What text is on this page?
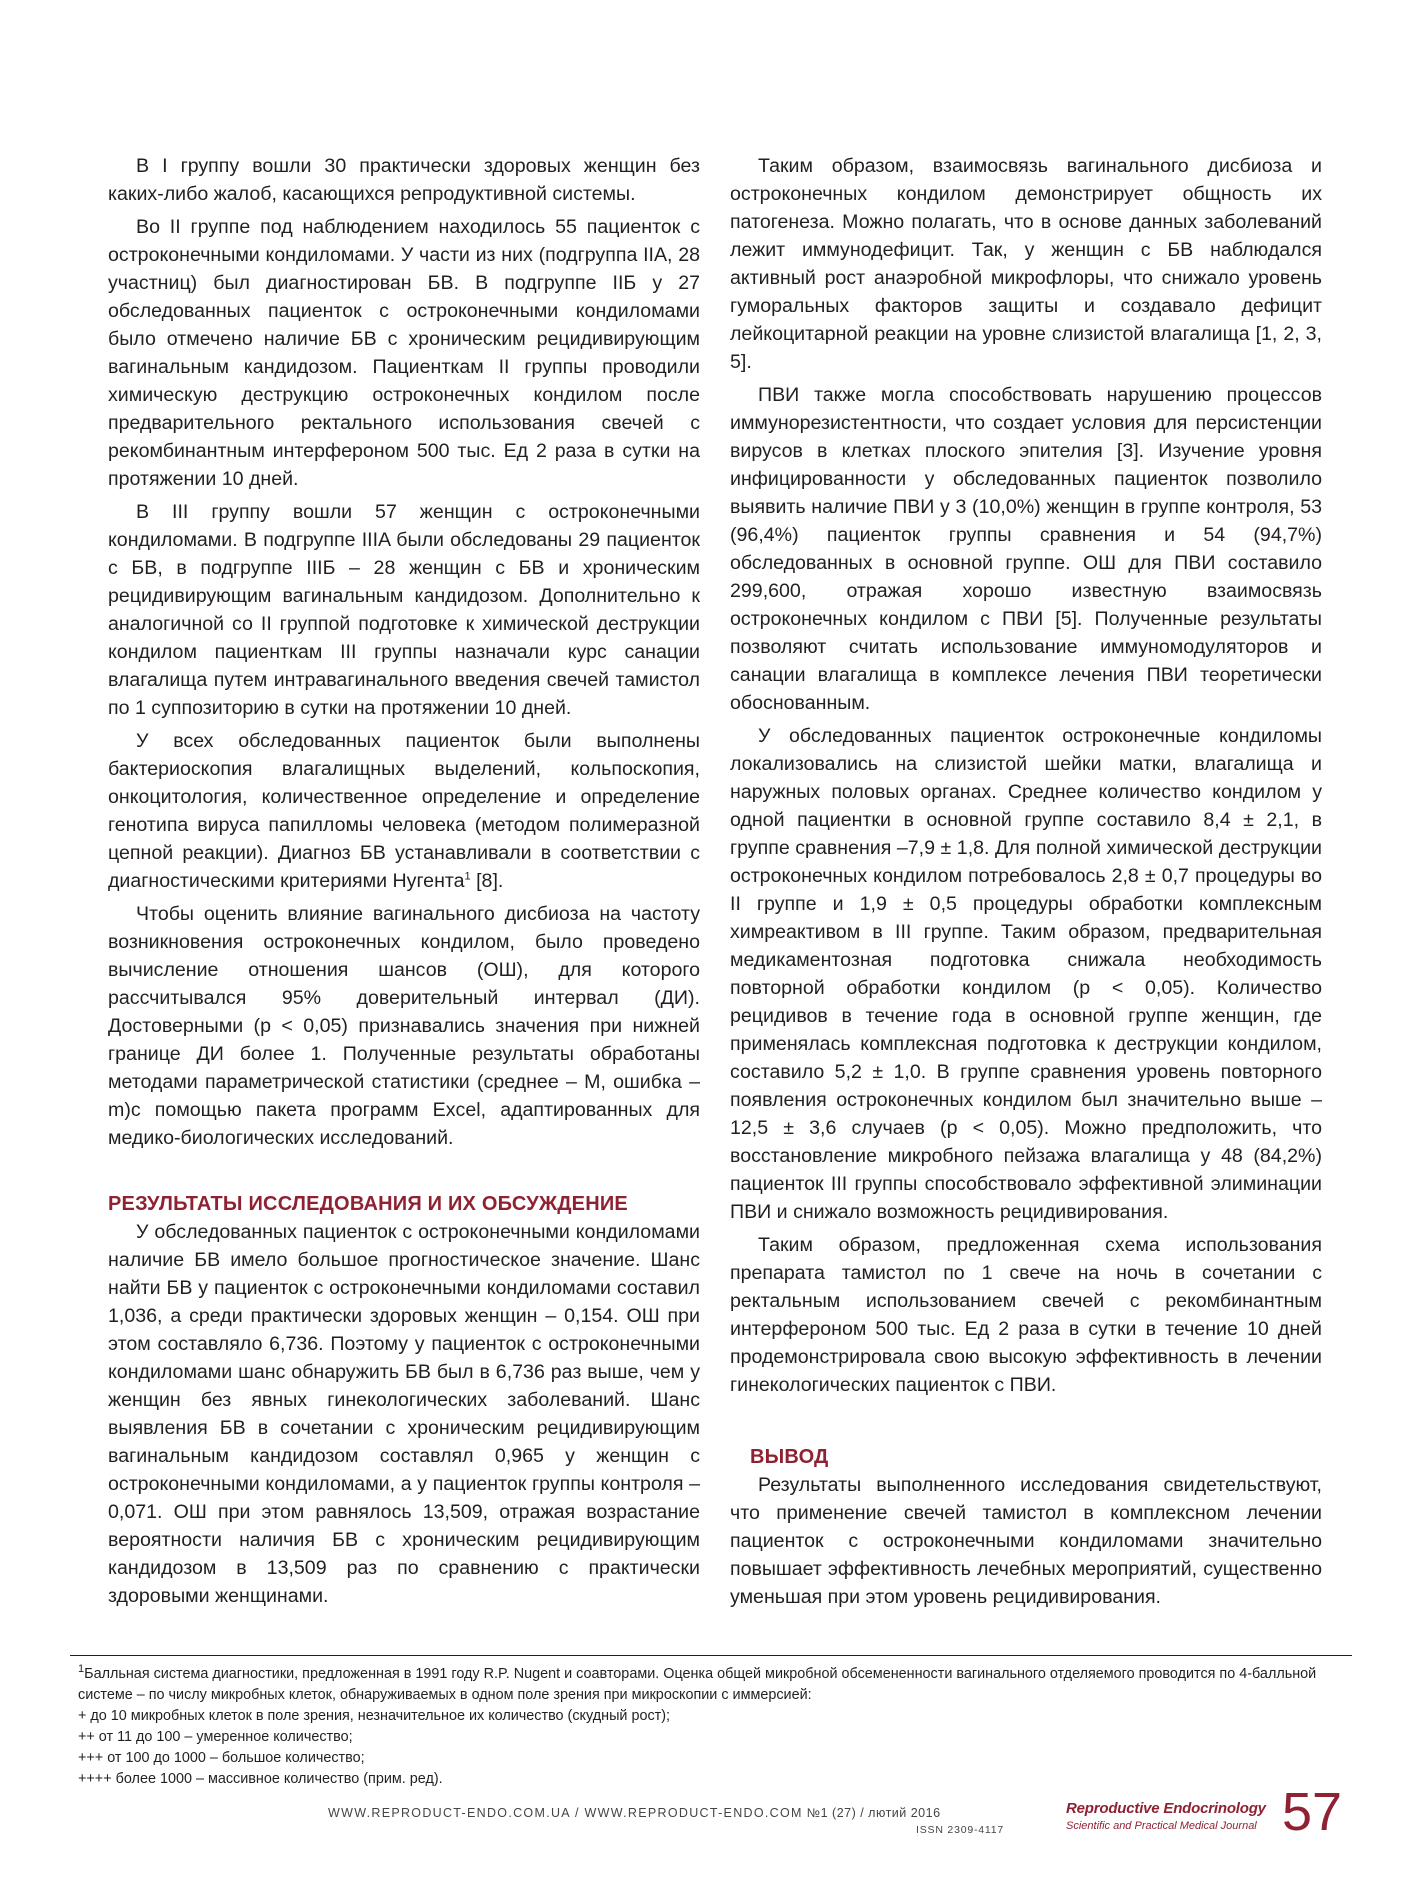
В I группу вошли 30 практически здоровых женщин без каких-либо жалоб, касающихся репродуктивной системы.

Во II группе под наблюдением находилось 55 пациенток с остроконечными кондиломами. У части из них (подгруппа IIA, 28 участниц) был диагностирован БВ. В подгруппе IIБ у 27 обследованных пациенток с остроконечными кондиломами было отмечено наличие БВ с хроническим рецидивирующим вагинальным кандидозом. Пациенткам II группы проводили химическую деструкцию остроконечных кондилом после предварительного ректального использования свечей с рекомбинантным интерфероном 500 тыс. Ед 2 раза в сутки на протяжении 10 дней.

В III группу вошли 57 женщин с остроконечными кондиломами. В подгруппе IIIA были обследованы 29 пациенток с БВ, в подгруппе IIIБ – 28 женщин с БВ и хроническим рецидивирующим вагинальным кандидозом. Дополнительно к аналогичной со II группой подготовке к химической деструкции кондилом пациенткам III группы назначали курс санации влагалища путем интравагинального введения свечей тамистол по 1 суппозиторию в сутки на протяжении 10 дней.

У всех обследованных пациенток были выполнены бактериоскопия влагалищных выделений, кольпоскопия, онкоцитология, количественное определение и определение генотипа вируса папилломы человека (методом полимеразной цепной реакции). Диагноз БВ устанавливали в соответствии с диагностическими критериями Нугента$^1$ [8].

Чтобы оценить влияние вагинального дисбиоза на частоту возникновения остроконечных кондилом, было проведено вычисление отношения шансов (ОШ), для которого рассчитывался 95% доверительный интервал (ДИ). Достоверными (p < 0,05) признавались значения при нижней границе ДИ более 1. Полученные результаты обработаны методами параметрической статистики (среднее – М, ошибка – m)с помощью пакета программ Excel, адаптированных для медико-биологических исследований.

РЕЗУЛЬТАТЫ ИССЛЕДОВАНИЯ И ИХ ОБСУЖДЕНИЕ

У обследованных пациенток с остроконечными кондиломами наличие БВ имело большое прогностическое значение. Шанс найти БВ у пациенток с остроконечными кондиломами составил 1,036, а среди практически здоровых женщин – 0,154. ОШ при этом составляло 6,736. Поэтому у пациенток с остроконечными кондиломами шанс обнаружить БВ был в 6,736 раз выше, чем у женщин без явных гинекологических заболеваний. Шанс выявления БВ в сочетании с хроническим рецидивирующим вагинальным кандидозом составлял 0,965 у женщин с остроконечными кондиломами, а у пациенток группы контроля – 0,071. ОШ при этом равнялось 13,509, отражая возрастание вероятности наличия БВ с хроническим рецидивирующим кандидозом в 13,509 раз по сравнению с практически здоровыми женщинами.

Таким образом, взаимосвязь вагинального дисбиоза и остроконечных кондилом демонстрирует общность их патогенеза. Можно полагать, что в основе данных заболеваний лежит иммунодефицит. Так, у женщин с БВ наблюдался активный рост анаэробной микрофлоры, что снижало уровень гуморальных факторов защиты и создавало дефицит лейкоцитарной реакции на уровне слизистой влагалища [1, 2, 3, 5].

ПВИ также могла способствовать нарушению процессов иммунорезистентности, что создает условия для персистенции вирусов в клетках плоского эпителия [3]. Изучение уровня инфицированности у обследованных пациенток позволило выявить наличие ПВИ у 3 (10,0%) женщин в группе контроля, 53 (96,4%) пациенток группы сравнения и 54 (94,7%) обследованных в основной группе. ОШ для ПВИ составило 299,600, отражая хорошо известную взаимосвязь остроконечных кондилом с ПВИ [5]. Полученные результаты позволяют считать использование иммуномодуляторов и санации влагалища в комплексе лечения ПВИ теоретически обоснованным.

У обследованных пациенток остроконечные кондиломы локализовались на слизистой шейки матки, влагалища и наружных половых органах. Среднее количество кондилом у одной пациентки в основной группе составило 8,4 ± 2,1, в группе сравнения –7,9 ± 1,8. Для полной химической деструкции остроконечных кондилом потребовалось 2,8 ± 0,7 процедуры во II группе и 1,9 ± 0,5 процедуры обработки комплексным химреактивом в III группе. Таким образом, предварительная медикаментозная подготовка снижала необходимость повторной обработки кондилом (p < 0,05). Количество рецидивов в течение года в основной группе женщин, где применялась комплексная подготовка к деструкции кондилом, составило 5,2 ± 1,0. В группе сравнения уровень повторного появления остроконечных кондилом был значительно выше – 12,5 ± 3,6 случаев (p < 0,05). Можно предположить, что восстановление микробного пейзажа влагалища у 48 (84,2%) пациенток III группы способствовало эффективной элиминации ПВИ и снижало возможность рецидивирования.

Таким образом, предложенная схема использования препарата тамистол по 1 свече на ночь в сочетании с ректальным использованием свечей с рекомбинантным интерфероном 500 тыс. Ед 2 раза в сутки в течение 10 дней продемонстрировала свою высокую эффективность в лечении гинекологических пациенток с ПВИ.

ВЫВОД

Результаты выполненного исследования свидетельствуют, что применение свечей тамистол в комплексном лечении пациенток с остроконечными кондиломами значительно повышает эффективность лечебных мероприятий, существенно уменьшая при этом уровень рецидивирования.

$^1$Балльная система диагностики, предложенная в 1991 году R.P. Nugent и соавторами. Оценка общей микробной обсемененности вагинального отделяемого проводится по 4-балльной
системе – по числу микробных клеток, обнаруживаемых в одном поле зрения при микроскопии с иммерсией:
+ до 10 микробных клеток в поле зрения, незначительное их количество (скудный рост);
++ от 11 до 100 – умеренное количество;
+++ от 100 до 1000 – большое количество;
++++ более 1000 – массивное количество (прим. ред).
WWW.REPRODUCT-ENDO.COM.UA / WWW.REPRODUCT-ENDO.COM №1 (27) / лютий 2016
ISSN 2309-4117
Reproductive Endocrinology
Scientific and Practical Medical Journal 57
